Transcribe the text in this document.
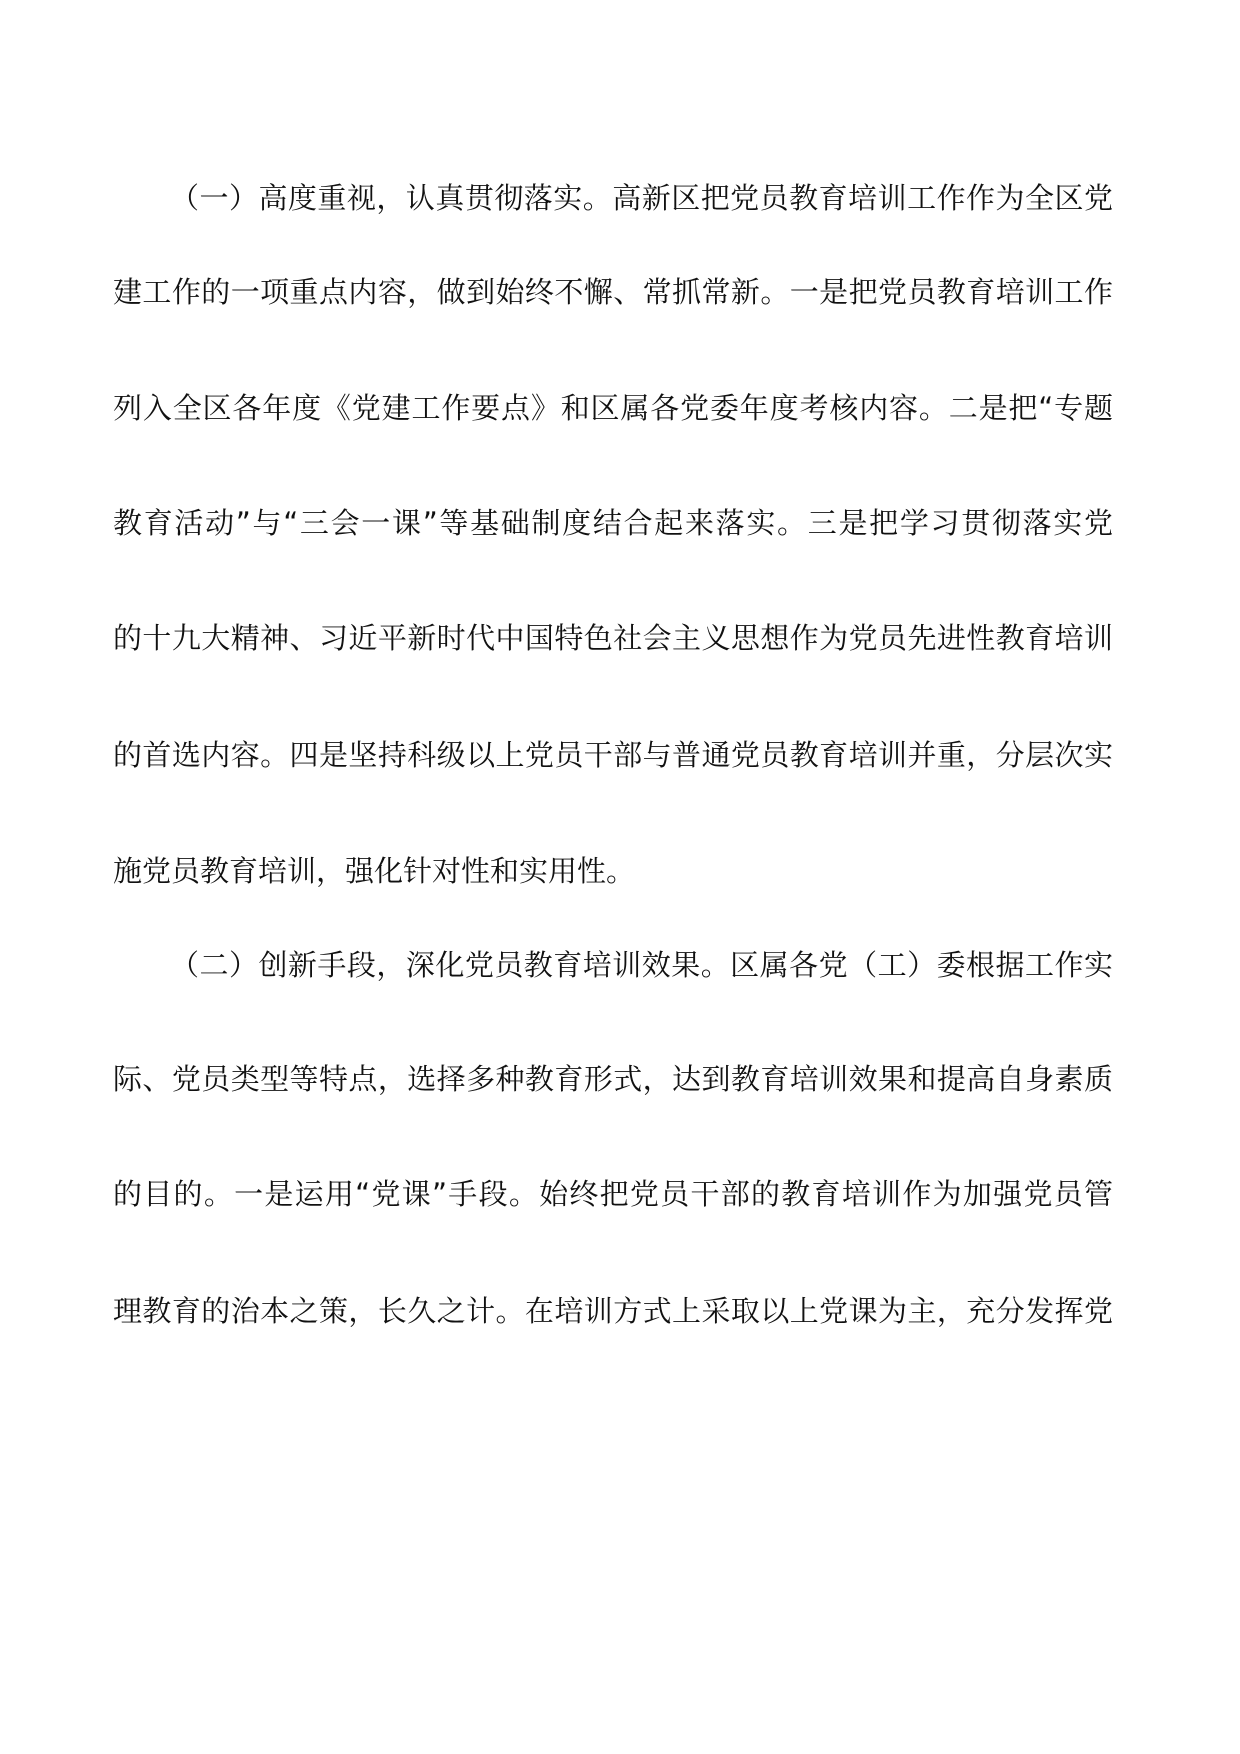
（一）高度重视，认真贯彻落实。高新区把党员教育培训工作作为全区党
建工作的一项重点内容，做到始终不懈、常抓常新。一是把党员教育培训工作
列入全区各年度《党建工作要点》和区属各党委年度考核内容。二是把“专题
教育活动”与“三会一课”等基础制度结合起来落实。三是把学习贯彻落实党
的十九大精神、习近平新时代中国特色社会主义思想作为党员先进性教育培训
的首选内容。四是坚持科级以上党员干部与普通党员教育培训并重，分层次实
施党员教育培训，强化针对性和实用性。
（二）创新手段，深化党员教育培训效果。区属各党（工）委根据工作实
际、党员类型等特点，选择多种教育形式，达到教育培训效果和提高自身素质
的目的。一是运用“党课”手段。始终把党员干部的教育培训作为加强党员管
理教育的治本之策，长久之计。在培训方式上采取以上党课为主，充分发挥党
